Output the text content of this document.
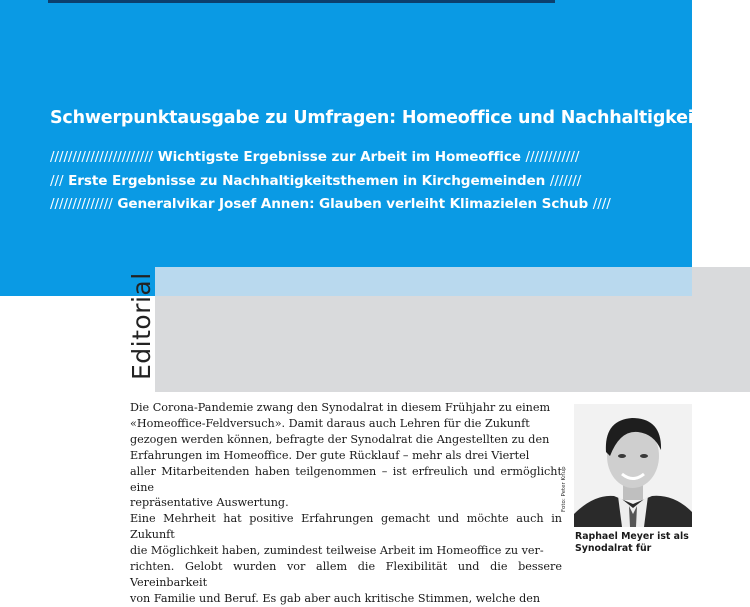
Schwerpunktausgabe zu Umfragen: Homeoffice und Nachhaltigkeit

/////////////////////// Wichtigste Ergebnisse zur Arbeit im Homeoffice ////////////

/// Erste Ergebnisse zu Nachhaltigkeitsthemen in Kirchgemeinden ///////

////////////// Generalvikar Josef Annen: Glauben verleiht Klimazielen Schub ////

Editorial

Die Corona-Pandemie zwang den Synodalrat in diesem Frühjahr zu einem

«Homeoffice-Feldversuch». Damit daraus auch Lehren für die Zukunft

gezogen werden können, befragte der Synodalrat die Angestellten zu den

Erfahrungen im Homeoffice. Der gute Rücklauf – mehr als drei Viertel

aller Mitarbeitenden haben teilgenommen – ist erfreulich und ermöglicht eine

repräsentative Auswertung.

Eine Mehrheit hat positive Erfahrungen gemacht und möchte auch in Zukunft

die Möglichkeit haben, zumindest teilweise Arbeit im Homeoffice zu ver-

richten. Gelobt wurden vor allem die Flexibilität und die bessere Vereinbarkeit

von Familie und Beruf. Es gab aber auch kritische Stimmen, welche den

Foto: Peter Knup
Raphael Meyer ist als
Synodalrat für
